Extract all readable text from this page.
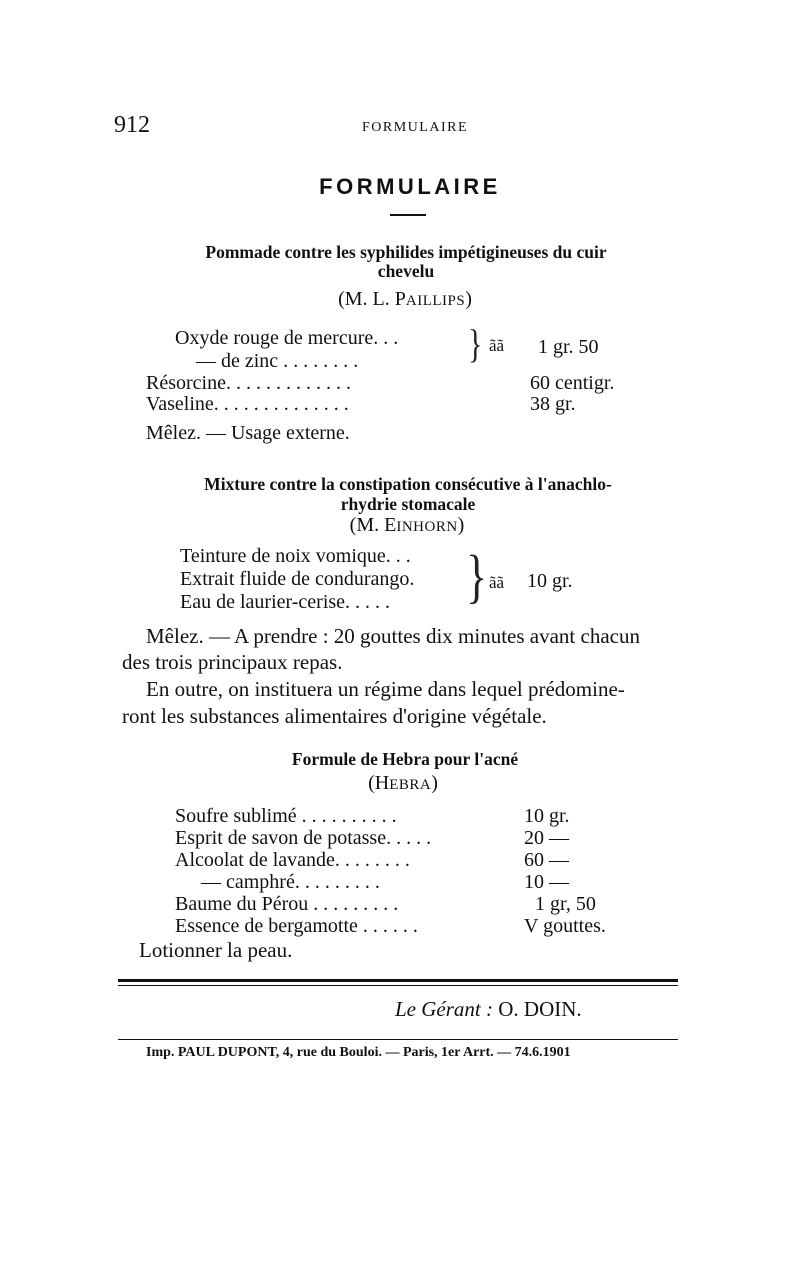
912	FORMULAIRE
FORMULAIRE
Pommade contre les syphilides impétigineuses du cuir
chevelu
(M. L. PAILLIPS)
Oxyde rouge de mercure. . .
— de zinc . . . . . . . .	} ãã 1 gr. 50
Résorcine. . . . . . . . . . . . .	60 centigr.
Vaseline. . . . . . . . . . . . . .	38 gr.
Mêlez. — Usage externe.
Mixture contre la constipation consécutive à l'anachlo-
rhydrie stomacale
(M. EINHORN)
Teinture de noix vomique. . .
Extrait fluide de condurango.
Eau de laurier-cerise. . . . . } ãã 10 gr.
Mêlez. — A prendre : 20 gouttes dix minutes avant chacun
des trois principaux repas.
En outre, on instituera un régime dans lequel prédomine-
ront les substances alimentaires d'origine végétale.
Formule de Hebra pour l'acné
(HEBRA)
Soufre sublimé . . . . . . . . . .	10 gr.
Esprit de savon de potasse. . . . .	20 —
Alcoolat de lavande. . . . . . . .	60 —
— camphré. . . . . . . . .	10 —
Baume du Pérou . . . . . . . . .	1 gr, 50
Essence de bergamotte . . . . . .	V gouttes.
Lotionner la peau.
Le Gérant : O. DOIN.
Imp. PAUL DUPONT, 4, rue du Bouloi. — Paris, 1er Arrt. — 74.6.1901
